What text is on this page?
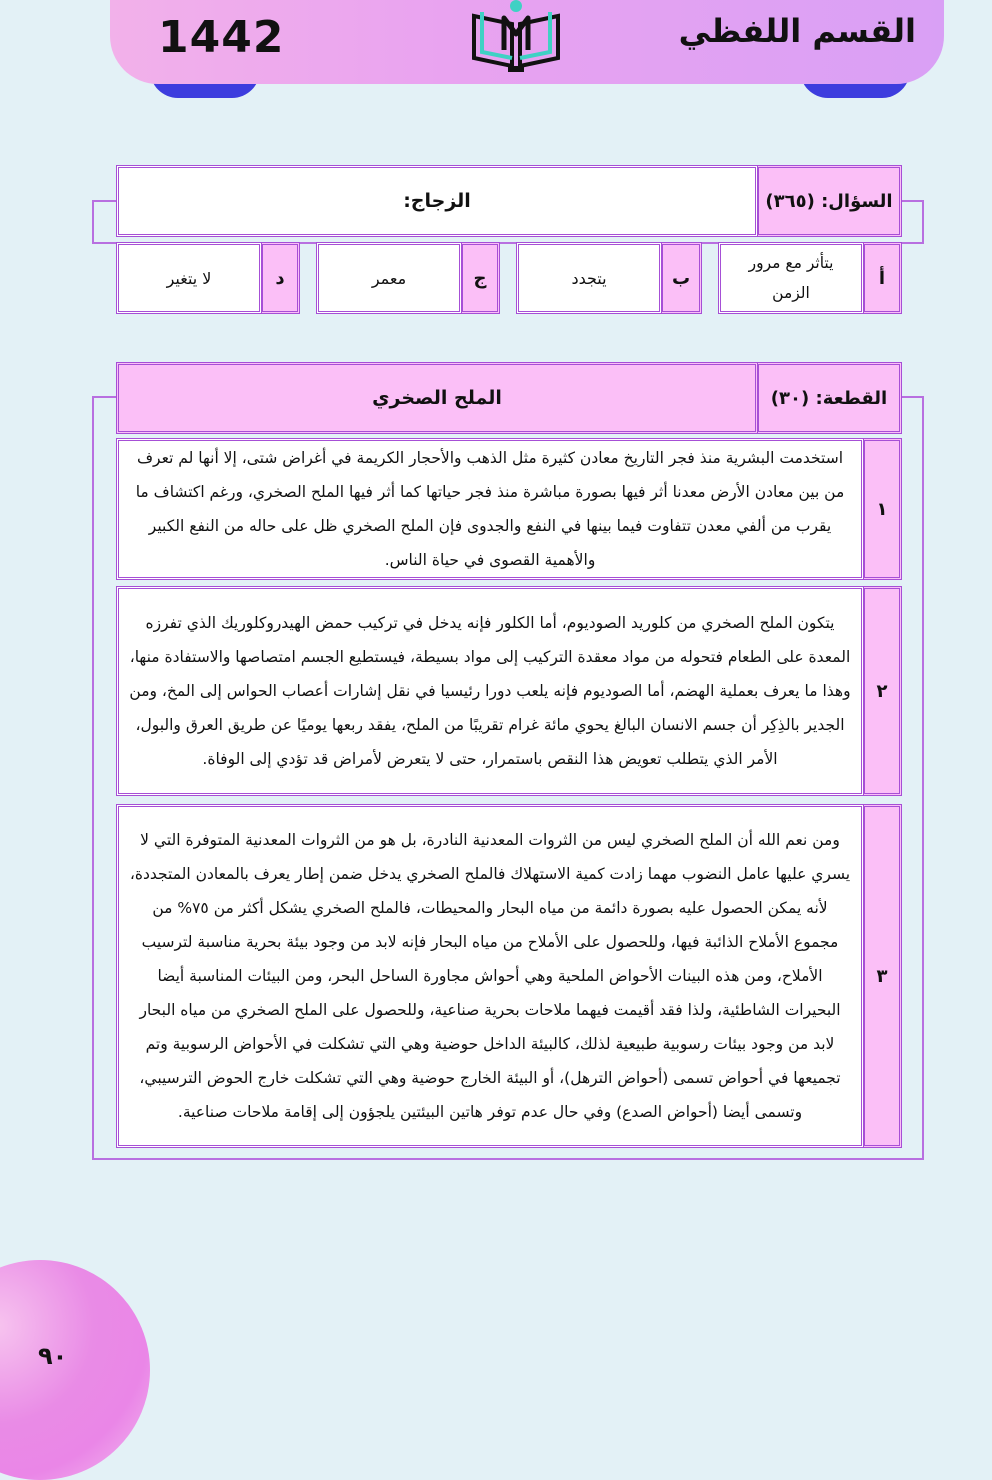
1442	القسم اللفظي
السؤال: (٣٦٥)
الزجاج:
أ
يتأثر مع مرور الزمن
ب
يتجدد
ج
معمر
د
لا يتغير
القطعة: (٣٠)
الملح الصخري
١
استخدمت البشرية منذ فجر التاريخ معادن كثيرة مثل الذهب والأحجار الكريمة في أغراض شتى، إلا أنها لم تعرف من بين معادن الأرض معدنا أثر فيها بصورة مباشرة منذ فجر حياتها كما أثر فيها الملح الصخري، ورغم اكتشاف ما يقرب من ألفي معدن تتفاوت فيما بينها في النفع والجدوى فإن الملح الصخري ظل على حاله من النفع الكبير والأهمية القصوى في حياة الناس.
٢
يتكون الملح الصخري من كلوريد الصوديوم، أما الكلور فإنه يدخل في تركيب حمض الهيدروكلوريك الذي تفرزه المعدة على الطعام فتحوله من مواد معقدة التركيب إلى مواد بسيطة، فيستطيع الجسم امتصاصها والاستفادة منها، وهذا ما يعرف بعملية الهضم، أما الصوديوم فإنه يلعب دورا رئيسيا في نقل إشارات أعصاب الحواس إلى المخ، ومن الجدير بالذِكِر أن جسم الانسان البالغ يحوي مائة غرام تقريبًا من الملح، يفقد ربعها يوميًا عن طريق العرق والبول، الأمر الذي يتطلب تعويض هذا النقص باستمرار، حتى لا يتعرض لأمراض قد تؤدي إلى الوفاة.
٣
ومن نعم الله أن الملح الصخري ليس من الثروات المعدنية النادرة، بل هو من الثروات المعدنية المتوفرة التي لا يسري عليها عامل النضوب مهما زادت كمية الاستهلاك فالملح الصخري يدخل ضمن إطار يعرف بالمعادن المتجددة، لأنه يمكن الحصول عليه بصورة دائمة من مياه البحار والمحيطات، فالملح الصخري يشكل أكثر من ٧٥% من مجموع الأملاح الذائبة فيها، وللحصول على الأملاح من مياه البحار فإنه لابد من وجود بيئة بحرية مناسبة لترسيب الأملاح، ومن هذه البينات الأحواض الملحية وهي أحواش مجاورة الساحل البحر، ومن البيئات المناسبة أيضا البحيرات الشاطئية، ولذا فقد أقيمت فيهما ملاحات بحرية صناعية، وللحصول على الملح الصخري من مياه البحار لابد من وجود بيئات رسوبية طبيعية لذلك، كالبيئة الداخل حوضية وهي التي تشكلت في الأحواض الرسوبية وتم تجميعها في أحواض تسمى (أحواض الترهل)، أو البيئة الخارج حوضية وهي التي تشكلت خارج الحوض الترسيبي، وتسمى أيضا (أحواض الصدع) وفي حال عدم توفر هاتين البيئتين يلجؤون إلى إقامة ملاحات صناعية.
٩٠
